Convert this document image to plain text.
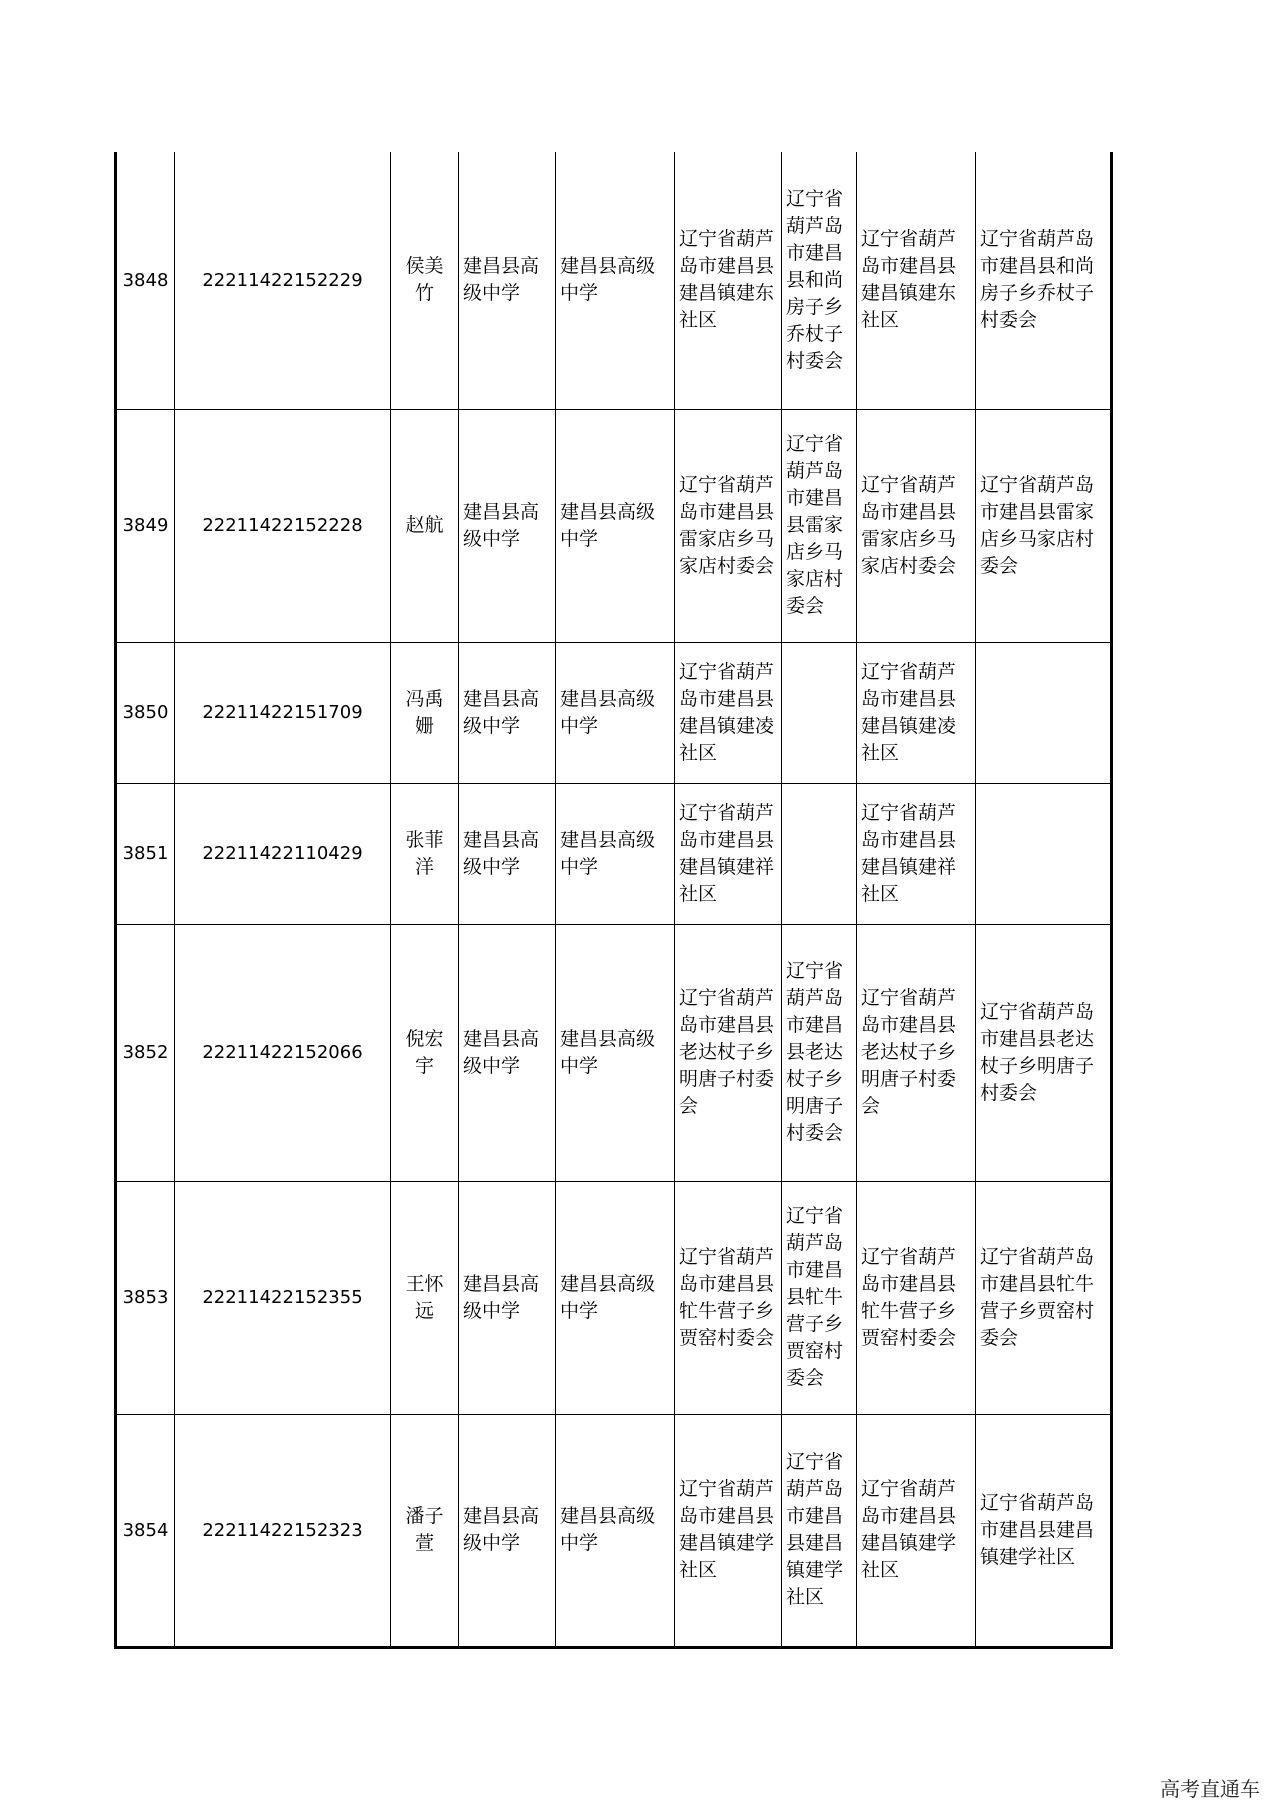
3848	22211422152229	侯美竹	建昌县高级中学	建昌县高级中学	辽宁省葫芦岛市建昌县建昌镇建东社区	辽宁省葫芦岛市建昌县和尚房子乡乔杖子村委会	辽宁省葫芦岛市建昌县建昌镇建东社区	辽宁省葫芦岛市建昌县和尚房子乡乔杖子村委会
3849	22211422152228	赵航	建昌县高级中学	建昌县高级中学	辽宁省葫芦岛市建昌县雷家店乡马家店村委会	辽宁省葫芦岛市建昌县雷家店乡马家店村委会	辽宁省葫芦岛市建昌县雷家店乡马家店村委会	辽宁省葫芦岛市建昌县雷家店乡马家店村委会
3850	22211422151709	冯禹姗	建昌县高级中学	建昌县高级中学	辽宁省葫芦岛市建昌县建昌镇建凌社区		辽宁省葫芦岛市建昌县建昌镇建凌社区	
3851	22211422110429	张菲洋	建昌县高级中学	建昌县高级中学	辽宁省葫芦岛市建昌县建昌镇建祥社区		辽宁省葫芦岛市建昌县建昌镇建祥社区	
3852	22211422152066	倪宏宇	建昌县高级中学	建昌县高级中学	辽宁省葫芦岛市建昌县老达杖子乡明唐子村委会	辽宁省葫芦岛市建昌县老达杖子乡明唐子村委会	辽宁省葫芦岛市建昌县老达杖子乡明唐子村委会	辽宁省葫芦岛市建昌县老达杖子乡明唐子村委会
3853	22211422152355	王怀远	建昌县高级中学	建昌县高级中学	辽宁省葫芦岛市建昌县牤牛营子乡贾窑村委会	辽宁省葫芦岛市建昌县牤牛营子乡贾窑村委会	辽宁省葫芦岛市建昌县牤牛营子乡贾窑村委会	辽宁省葫芦岛市建昌县牤牛营子乡贾窑村委会
3854	22211422152323	潘子萱	建昌县高级中学	建昌县高级中学	辽宁省葫芦岛市建昌县建昌镇建学社区	辽宁省葫芦岛市建昌县建昌镇建学社区	辽宁省葫芦岛市建昌县建昌镇建学社区	辽宁省葫芦岛市建昌县建昌镇建学社区
高考直通车
